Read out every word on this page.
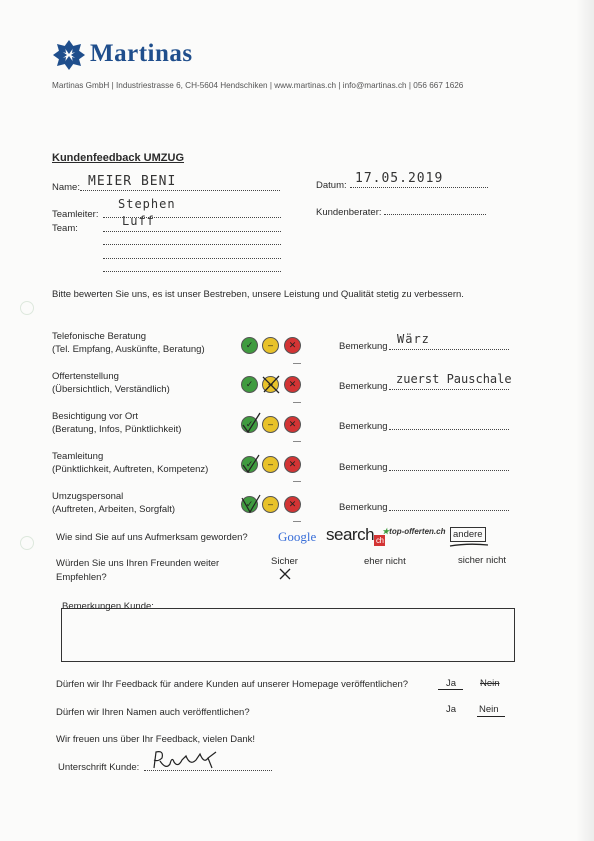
Martinas
Martinas GmbH | Industriestrasse 6, CH-5604 Hendschiken | www.martinas.ch | info@martinas.ch | 056 667 1626
Kundenfeedback UMZUG
Name: MEIER BENI	Datum: 17.05.2019
Teamleiter:
Stephen
Team:
Luff
Kundenberater:
Bitte bewerten Sie uns, es ist unser Bestreben, unsere Leistung und Qualität stetig zu verbessern.
Telefonische Beratung
(Tel. Empfang, Auskünfte, Beratung)	✓	–	✕	Bemerkung
Wärz
Offertenstellung
(Übersichtlich, Verständlich)	✓	–	✕	Bemerkung
zuerst Pauschale
Besichtigung vor Ort
(Beratung, Infos, Pünktlichkeit)	✓	–	✕	Bemerkung
Teamleitung
(Pünktlichkeit, Auftreten, Kompetenz)	✓	–	✕	Bemerkung
Umzugspersonal
(Auftreten, Arbeiten, Sorgfalt)	✓	–	✕	Bemerkung
Wie sind Sie auf uns Aufmerksam geworden? Google search ch
★top-offerten.ch andere
Würden Sie uns Ihren Freunden weiter
Empfehlen?
Sicher	eher nicht	sicher nicht
Bemerkungen Kunde:
Dürfen wir Ihr Feedback für andere Kunden auf unserer Homepage veröffentlichen?	Ja	Nein
Dürfen wir Ihren Namen auch veröffentlichen?	Ja Nein
Wir freuen uns über Ihr Feedback, vielen Dank!
Unterschrift Kunde:
